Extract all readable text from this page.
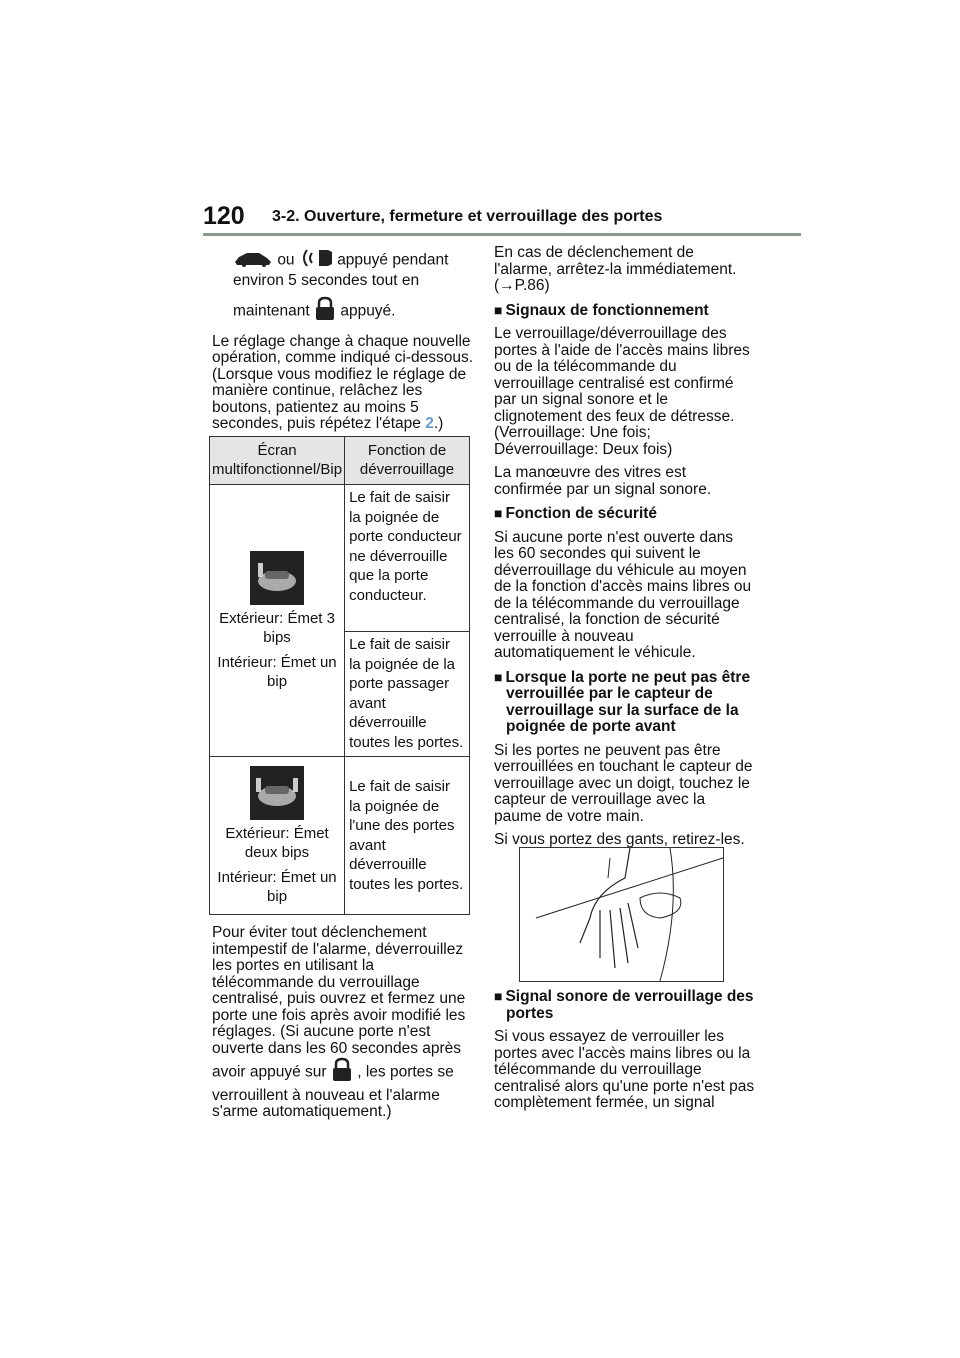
120 3-2. Ouverture, fermeture et verrouillage des portes

ou	appuyé pendant environ 5 secondes tout en

maintenant appuyé.

Le réglage change à chaque nouvelle opération, comme indiqué ci-dessous. (Lorsque vous modifiez le réglage de manière continue, relâchez les boutons, patientez au moins 5 secondes, puis répétez l'étape 2.)

Écran multifonctionnel/Bip	Fonction de déverrouillage

Extérieur: Émet 3 bips
Intérieur: Émet un bip	Le fait de saisir la poignée de porte conducteur ne déverrouille que la porte conducteur.
	Le fait de saisir la poignée de la porte passager avant déverrouille toutes les portes.

Extérieur: Émet deux bips
Intérieur: Émet un bip	Le fait de saisir la poignée de l'une des portes avant déverrouille toutes les portes.

Pour éviter tout déclenchement intempestif de l'alarme, déverrouillez les portes en utilisant la télécommande du verrouillage centralisé, puis ouvrez et fermez une porte une fois après avoir modifié les réglages. (Si aucune porte n'est ouverte dans les 60 secondes après avoir appuyé sur , les portes se verrouillent à nouveau et l'alarme s'arme automatiquement.)

En cas de déclenchement de l'alarme, arrêtez-la immédiatement. (→P.86)

■ Signaux de fonctionnement

Le verrouillage/déverrouillage des portes à l'aide de l'accès mains libres ou de la télécommande du verrouillage centralisé est confirmé par un signal sonore et le clignotement des feux de détresse. (Verrouillage: Une fois; Déverrouillage: Deux fois)

La manœuvre des vitres est confirmée par un signal sonore.

■ Fonction de sécurité

Si aucune porte n'est ouverte dans les 60 secondes qui suivent le déverrouillage du véhicule au moyen de la fonction d'accès mains libres ou de la télécommande du verrouillage centralisé, la fonction de sécurité verrouille à nouveau automatiquement le véhicule.

■ Lorsque la porte ne peut pas être verrouillée par le capteur de verrouillage sur la surface de la poignée de porte avant

Si les portes ne peuvent pas être verrouillées en touchant le capteur de verrouillage avec un doigt, touchez le capteur de verrouillage avec la paume de votre main.

Si vous portez des gants, retirez-les.

■ Signal sonore de verrouillage des portes

Si vous essayez de verrouiller les portes avec l'accès mains libres ou la télécommande du verrouillage centralisé alors qu'une porte n'est pas complètement fermée, un signal
